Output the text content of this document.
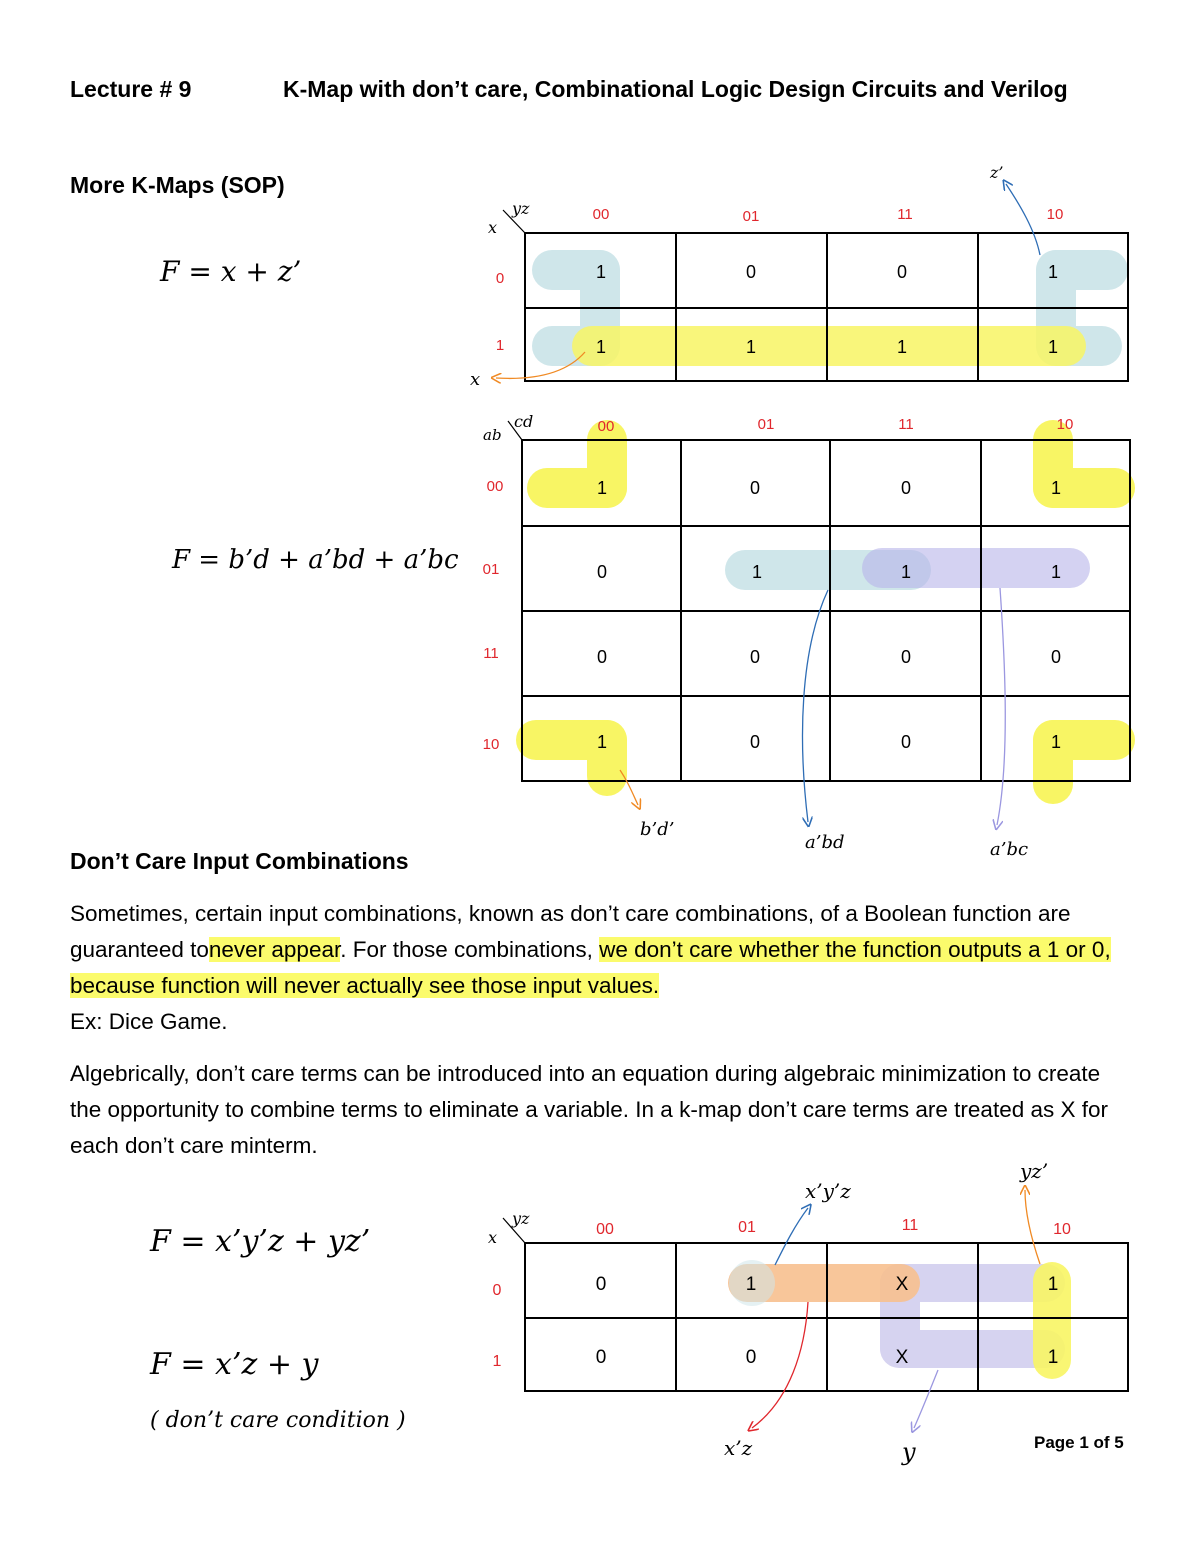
Lecture # 9	K-Map with don’t care, Combinational Logic Design Circuits and Verilog
More K-Maps (SOP)
F = x + z’
F = b’d + a’bd + a’bc
x
yz	00	01	11	10
0
1
1	0	0	1
1	1	1	1
z’
x
ab
cd	00	01	11	10
00
01
11
10
1	0	0	1
0	1	1	1
0	0	0	0
1	0	0	1
b’d’
a’bd	a’bc
x
yz
00	01	11	10
0
1
0	1	X	1
0	0	X	1
x’y’z
yz’
x’z	y
Don’t Care Input Combinations
Sometimes, certain input combinations, known as don’t care combinations, of a Boolean function are guaranteed tonever appear. For those combinations, we don’t care whether the function outputs a 1 or 0, because function will never actually see those input values.
Ex: Dice Game.
Algebrically, don’t care terms can be introduced into an equation during algebraic minimization to create the opportunity to combine terms to eliminate a variable. In a k-map don’t care terms are treated as X for each don’t care minterm.
F = x’y’z + yz’
F = x’z + y
( don’t care condition )
Page 1 of 5
